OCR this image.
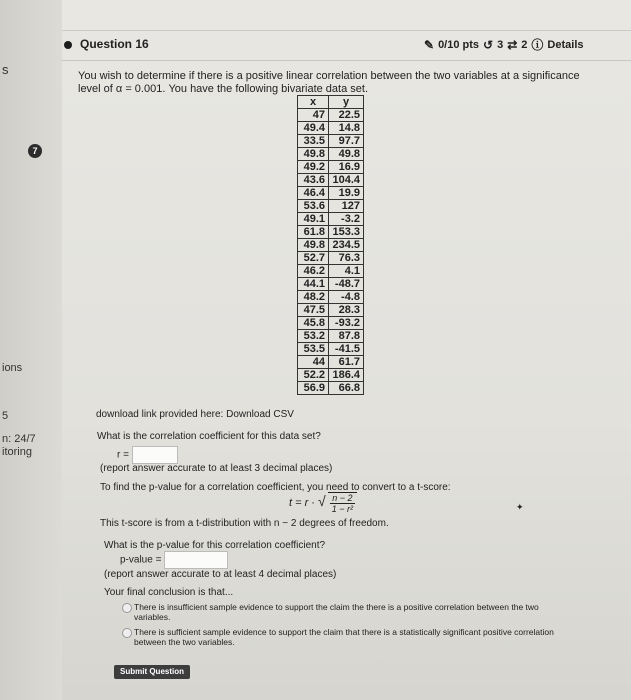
s
7
ions
5
n: 24/7
itoring
Question 16	✎ 0/10 pts ↺ 3 ⇄ 2 ⓘ Details
You wish to determine if there is a positive linear correlation between the two variables at a significance level of α = 0.001. You have the following bivariate data set.
x	y
47	22.5
49.4	14.8
33.5	97.7
49.8	49.8
49.2	16.9
43.6	104.4
46.4	19.9
53.6	127
49.1	-3.2
61.8	153.3
49.8	234.5
52.7	76.3
46.2	4.1
44.1	-48.7
48.2	-4.8
47.5	28.3
45.8	-93.2
53.2	87.8
53.5	-41.5
44	61.7
52.2	186.4
56.9	66.8
download link provided here: Download CSV
What is the correlation coefficient for this data set?
r =
(report answer accurate to at least 3 decimal places)
To find the p-value for a correlation coefficient, you need to convert to a t-score:
t = r · √ $\frac{n - 2}{\text{1 − r²}}$
This t-score is from a t-distribution with n − 2 degrees of freedom.
What is the p-value for this correlation coefficient?
p-value =
(report answer accurate to at least 4 decimal places)
Your final conclusion is that...
There is insufficient sample evidence to support the claim the there is a positive correlation between the two variables.
There is sufficient sample evidence to support the claim that there is a statistically significant positive correlation between the two variables.
Submit Question
✦
